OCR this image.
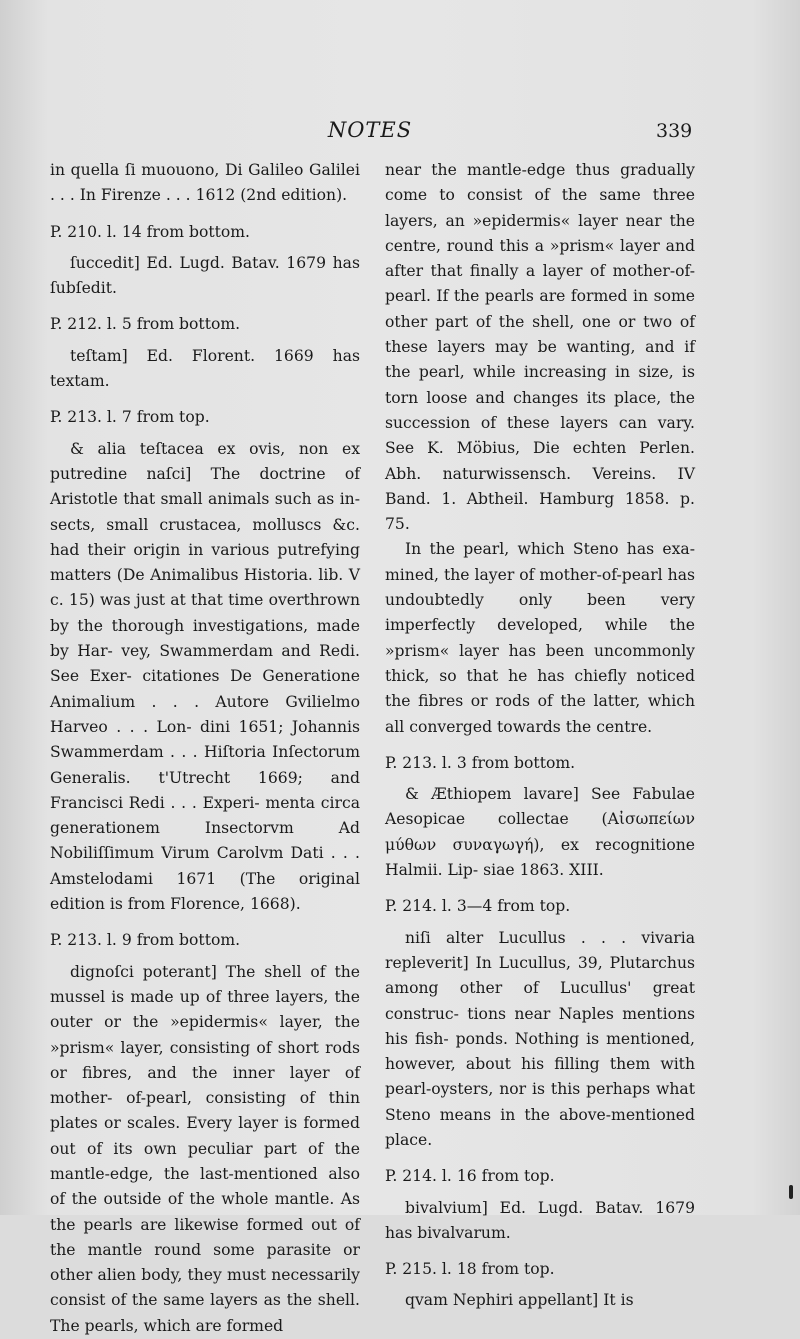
NOTES	339

in quella ſi muouono, Di Galileo Galilei . . . In Firenze . . . 1612 (2nd edition).

P. 210. l. 14 from bottom.

ſuccedit] Ed. Lugd. Batav. 1679 has ſubſedit.

P. 212. l. 5 from bottom.

teſtam] Ed. Florent. 1669 has textam.

P. 213. l. 7 from top.

& alia teſtacea ex ovis, non ex putredine naſci] The doctrine of Aristotle that small animals such as in- sects, small crustacea, molluscs &c. had their origin in various putrefying matters (De Animalibus Historia. lib. V c. 15) was just at that time overthrown by the thorough investigations, made by Har- vey, Swammerdam and Redi. See Exer- citationes De Generatione Animalium . . . Autore Gvilielmo Harveo . . . Lon- dini 1651; Johannis Swammerdam . . . Hiſtoria Inſectorum Generalis. t'Utrecht 1669; and Francisci Redi . . . Experi- menta circa generationem Insectorvm Ad Nobiliſſimum Virum Carolvm Dati . . . Amstelodami 1671 (The original edition is from Florence, 1668).

P. 213. l. 9 from bottom.

dignoſci poterant] The shell of the mussel is made up of three layers, the outer or the »epidermis« layer, the »prism« layer, consisting of short rods or fibres, and the inner layer of mother- of-pearl, consisting of thin plates or scales. Every layer is formed out of its own peculiar part of the mantle-edge, the last-mentioned also of the outside of the whole mantle. As the pearls are likewise formed out of the mantle round some parasite or other alien body, they must necessarily consist of the same layers as the shell. The pearls, which are formed

near the mantle-edge thus gradually come to consist of the same three layers, an »epidermis« layer near the centre, round this a »prism« layer and after that finally a layer of mother-of-pearl. If the pearls are formed in some other part of the shell, one or two of these layers may be wanting, and if the pearl, while increasing in size, is torn loose and changes its place, the succession of these layers can vary. See K. Möbius, Die echten Perlen. Abh. naturwissensch. Vereins. IV Band. 1. Abtheil. Hamburg 1858. p. 75.

In the pearl, which Steno has exa- mined, the layer of mother-of-pearl has undoubtedly only been very imperfectly developed, while the »prism« layer has been uncommonly thick, so that he has chiefly noticed the fibres or rods of the latter, which all converged towards the centre.

P. 213. l. 3 from bottom.

& Æthiopem lavare] See Fabulae Aesopicae collectae (Αἰσωπείων μύθων συναγωγή), ex recognitione Halmii. Lip- siae 1863. XIII.

P. 214. l. 3—4 from top.

niſi alter Lucullus . . . vivaria repleverit] In Lucullus, 39, Plutarchus among other of Lucullus' great construc- tions near Naples mentions his fish- ponds. Nothing is mentioned, however, about his filling them with pearl-oysters, nor is this perhaps what Steno means in the above-mentioned place.

P. 214. l. 16 from top.

bivalvium] Ed. Lugd. Batav. 1679 has bivalvarum.

P. 215. l. 18 from top.

qvam Nephiri appellant] It is
